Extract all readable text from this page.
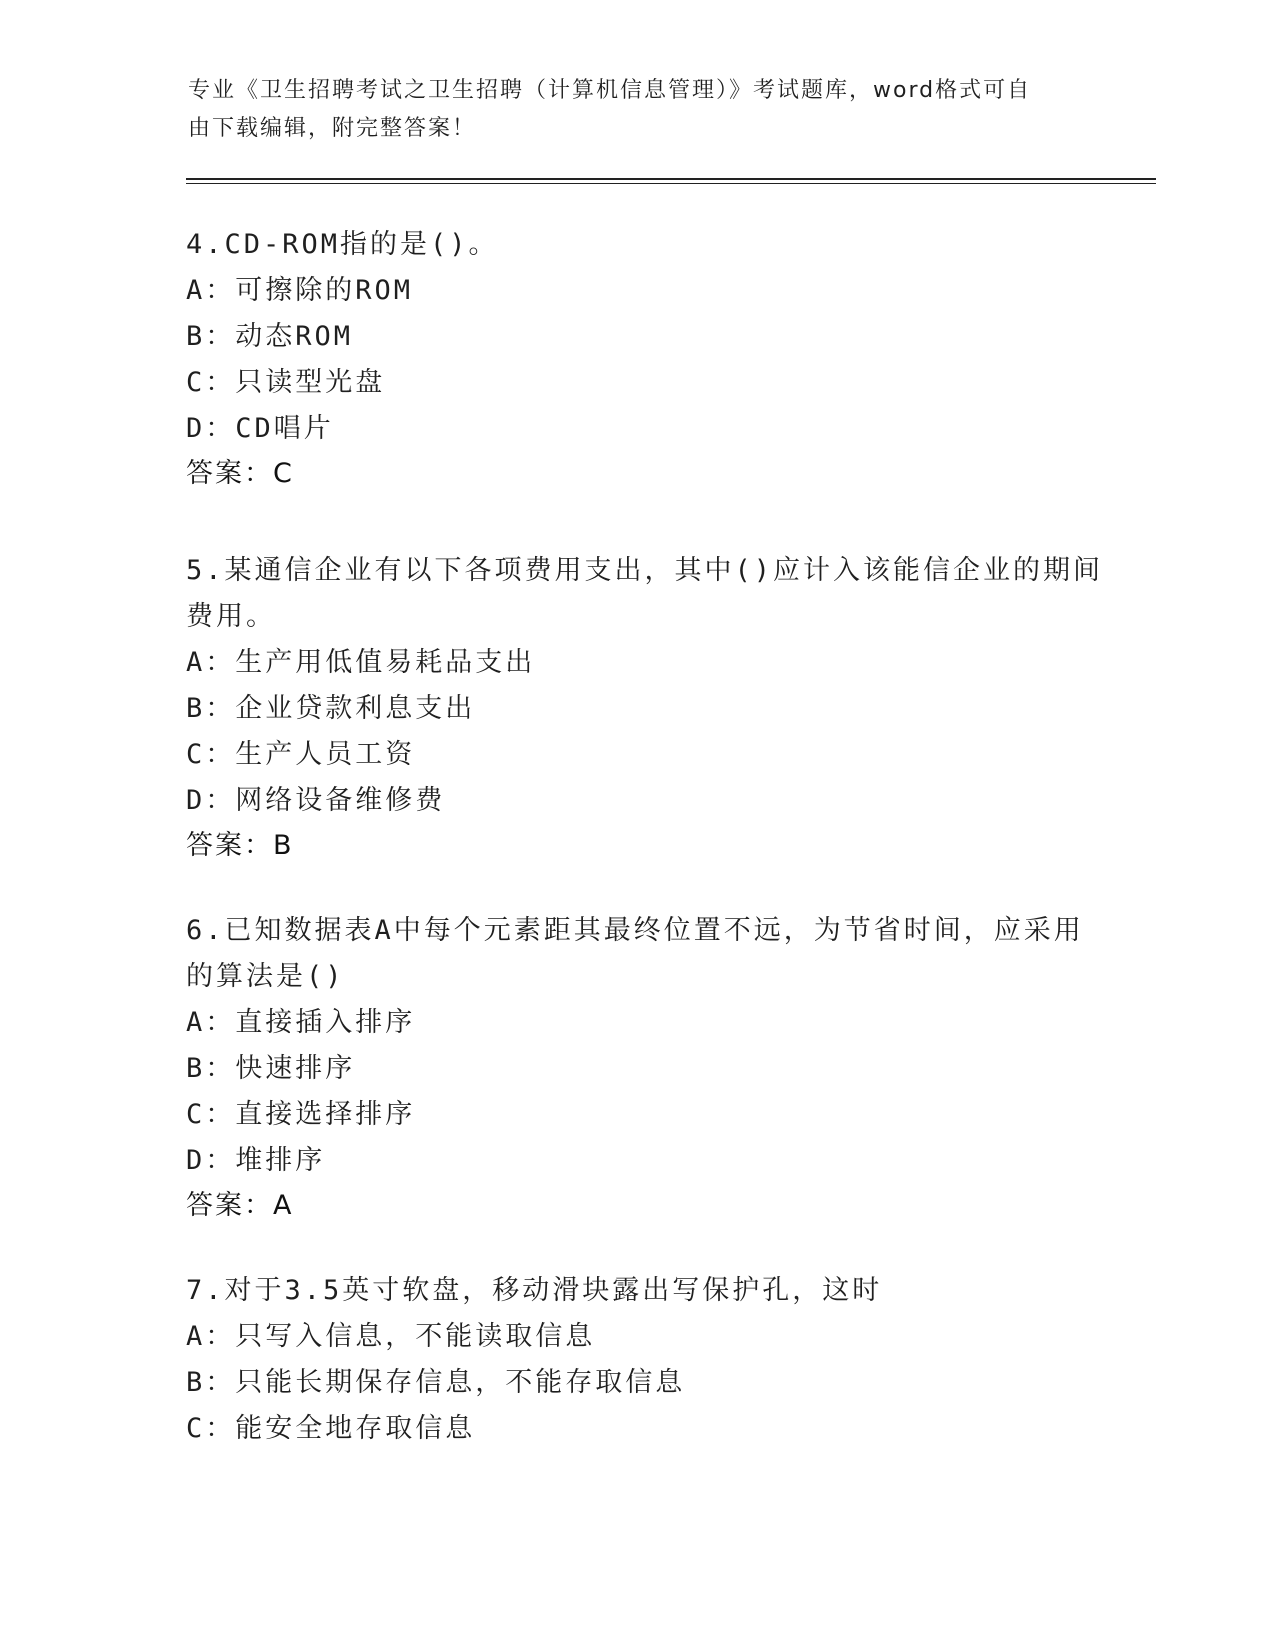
专业《卫生招聘考试之卫生招聘（计算机信息管理）》考试题库，word格式可自
由下载编辑，附完整答案！
4.CD-ROM指的是()。
A：可擦除的ROM
B：动态ROM
C：只读型光盘
D：CD唱片
答案：C
5.某通信企业有以下各项费用支出，其中()应计入该能信企业的期间
费用。
A：生产用低值易耗品支出
B：企业贷款利息支出
C：生产人员工资
D：网络设备维修费
答案：B
6.已知数据表A中每个元素距其最终位置不远，为节省时间，应采用
的算法是()
A：直接插入排序
B：快速排序
C：直接选择排序
D：堆排序
答案：A
7.对于3.5英寸软盘，移动滑块露出写保护孔，这时
A：只写入信息，不能读取信息
B：只能长期保存信息，不能存取信息
C：能安全地存取信息
